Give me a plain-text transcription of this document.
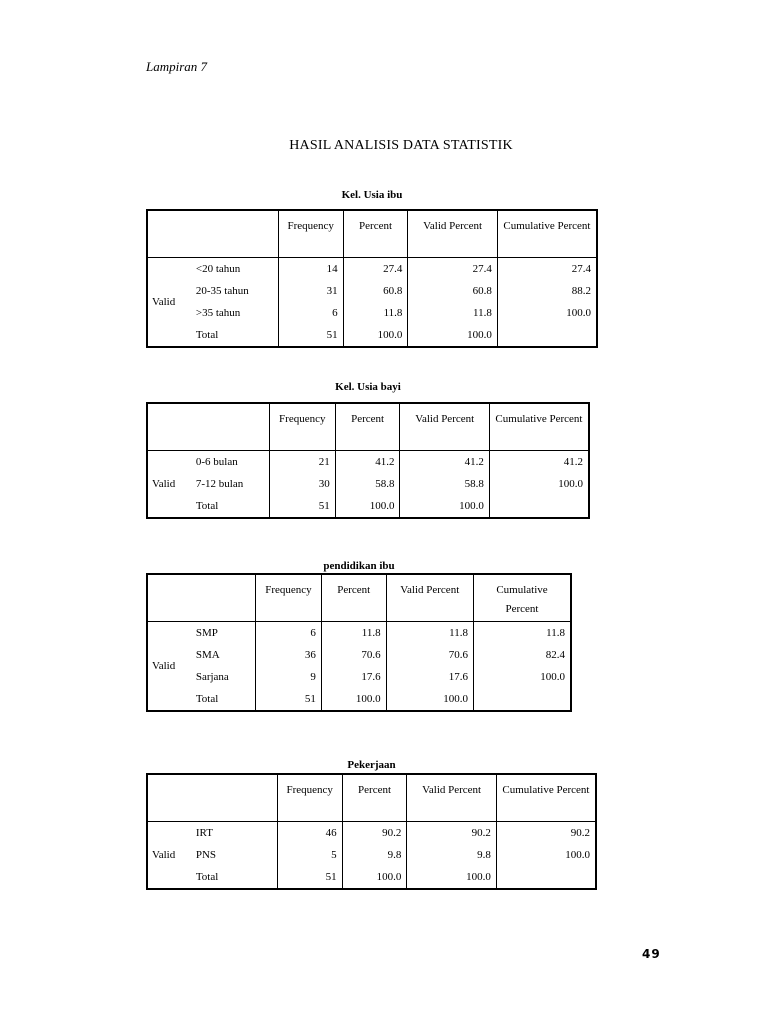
Lampiran 7
HASIL ANALISIS DATA STATISTIK
Kel. Usia ibu
		Frequency	Percent	Valid Percent	Cumulative Percent
Valid	<20 tahun	14	27.4	27.4	27.4
	20-35 tahun	31	60.8	60.8	88.2
	>35 tahun	6	11.8	11.8	100.0
	Total	51	100.0	100.0	
Kel. Usia bayi
		Frequency	Percent	Valid Percent	Cumulative Percent
Valid	0-6 bulan	21	41.2	41.2	41.2
	7-12 bulan	30	58.8	58.8	100.0
	Total	51	100.0	100.0	
pendidikan ibu
		Frequency	Percent	Valid Percent	Cumulative Percent
Valid	SMP	6	11.8	11.8	11.8
	SMA	36	70.6	70.6	82.4
	Sarjana	9	17.6	17.6	100.0
	Total	51	100.0	100.0	
Pekerjaan
		Frequency	Percent	Valid Percent	Cumulative Percent
Valid	IRT	46	90.2	90.2	90.2
	PNS	5	9.8	9.8	100.0
	Total	51	100.0	100.0	
49
